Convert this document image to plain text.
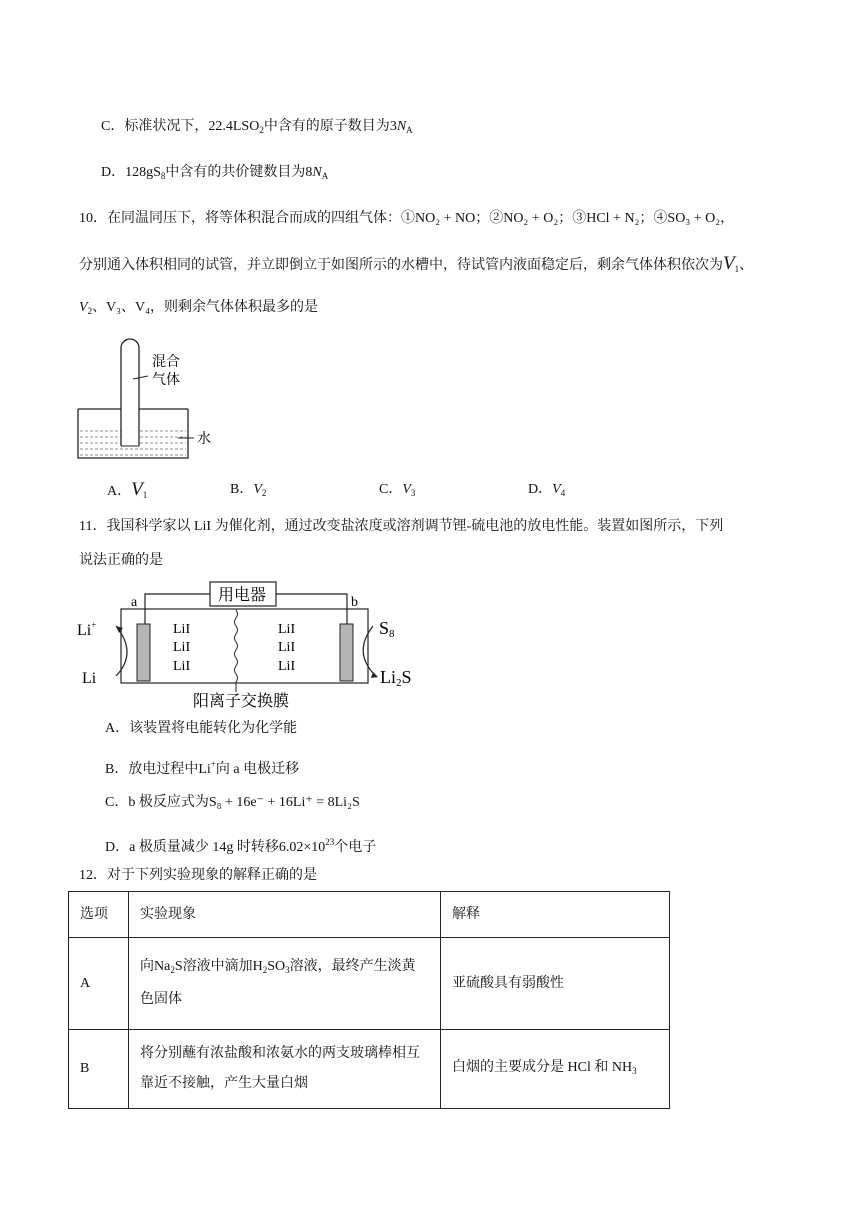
C．标准状况下，$22.4LSO_2$中含有的原子数目为$3N_A$
D．$128gS_8$中含有的共价键数目为$8N_A$
10．在同温同压下，将等体积混合而成的四组气体：①NO₂ + NO；②NO₂ + O₂；③HCl + N₂；④SO₃ + O₂，
分别通入体积相同的试管，并立即倒立于如图所示的水槽中，待试管内液面稳定后，剩余气体体积依次为$V_1$、
$V_2$、V₃、V₄，则剩余气体体积最多的是
混合
气体
水
A．$V_1$	B．$V_2$	C．$V_3$	D．$V_4$
11．我国科学家以 LiI 为催化剂，通过改变盐浓度或溶剂调节锂-硫电池的放电性能。装置如图所示，下列
说法正确的是
用电器
a	b
LiI
LiI
LiI
LiI
LiI
LiI
Li+
Li
S8
Li2S
阳离子交换膜
A．该装置将电能转化为化学能
B．放电过程中Li+向 a 电极迁移
C．b 极反应式为S₈ + 16e⁻ + 16Li⁺ = 8Li₂S
D．a 极质量减少 14g 时转移$6.02\times 10^{23}$个电子
12．对于下列实验现象的解释正确的是
选项	实验现象	解释
A	向$Na_2S$溶液中滴加$H_2SO_3$溶液，最终产生淡黄
色固体	亚硫酸具有弱酸性
B	将分别蘸有浓盐酸和浓氨水的两支玻璃棒相互
靠近不接触，产生大量白烟	白烟的主要成分是 HCl 和 $NH_3$
